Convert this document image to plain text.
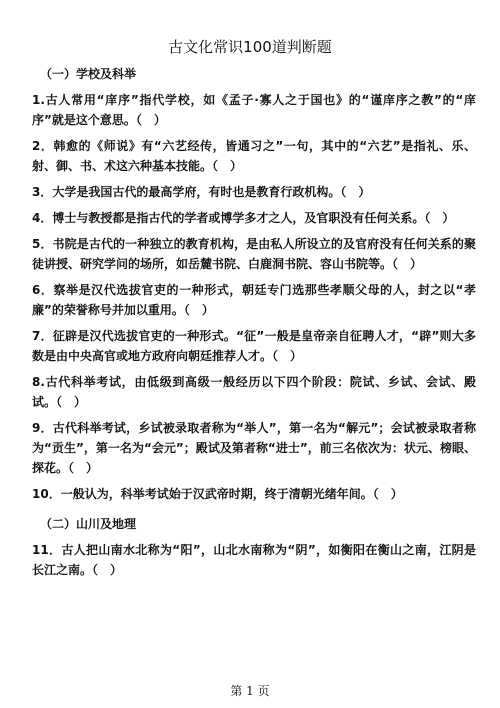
古文化常识100道判断题
（一）学校及科举
1.古人常用“庠序”指代学校，如《孟子·寡人之于国也》的“谨庠序之教”的“庠序”就是这个意思。（　）
2．韩愈的《师说》有“六艺经传，皆通习之”一句，其中的“六艺”是指礼、乐、射、御、书、术这六种基本技能。（　）
3．大学是我国古代的最高学府，有时也是教育行政机构。（　）
4．博士与教授都是指古代的学者或博学多才之人，及官职没有任何关系。（　）
5．书院是古代的一种独立的教育机构，是由私人所设立的及官府没有任何关系的聚徒讲授、研究学问的场所，如岳麓书院、白鹿洞书院、容山书院等。（　）
6．察举是汉代选拔官吏的一种形式，朝廷专门选那些孝顺父母的人，封之以“孝廉”的荣誉称号并加以重用。（　）
7．征辟是汉代选拔官吏的一种形式。“征”一般是皇帝亲自征聘人才，“辟”则大多数是由中央高官或地方政府向朝廷推荐人才。（　）
8.古代科举考试，由低级到高级一般经历以下四个阶段：院试、乡试、会试、殿试。（　）
9．古代科举考试，乡试被录取者称为“举人”，第一名为“解元”；会试被录取者称为“贡生”，第一名为“会元”；殿试及第者称“进士”，前三名依次为：状元、榜眼、探花。（　）
10．一般认为，科举考试始于汉武帝时期，终于清朝光绪年间。（　）
（二）山川及地理
11．古人把山南水北称为“阳”，山北水南称为“阴”，如衡阳在衡山之南，江阴是长江之南。（　）
第 1 页
